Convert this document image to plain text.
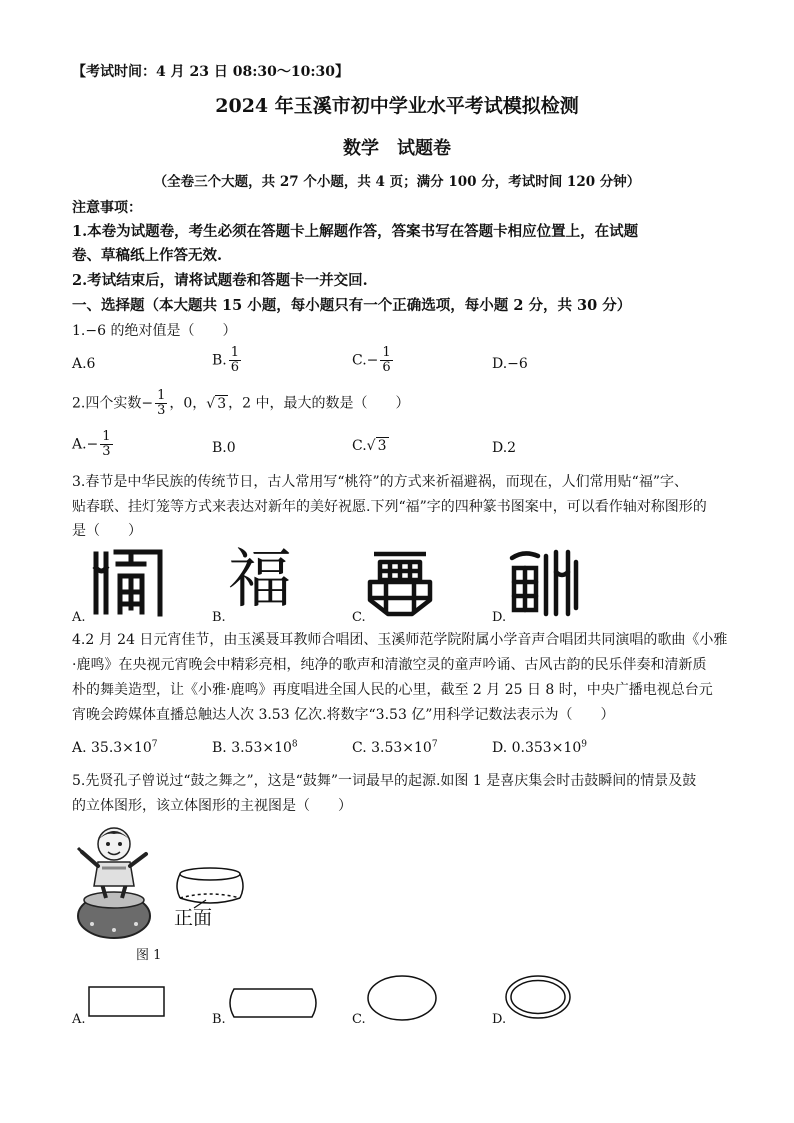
【考试时间：4 月 23 日 08:30～10:30】
2024 年玉溪市初中学业水平考试模拟检测
数学　试题卷
（全卷三个大题，共 27 个小题，共 4 页；满分 100 分，考试时间 120 分钟）
注意事项：
1.本卷为试题卷，考生必须在答题卡上解题作答，答案书写在答题卡相应位置上，在试题
卷、草稿纸上作答无效.
2.考试结束后，请将试题卷和答题卡一并交回.
一、选择题（本大题共 15 小题，每小题只有一个正确选项，每小题 2 分，共 30 分）
1.−6 的绝对值是（　　）
A.6	B. $\frac{1}{6}$	$C.- \frac{1}{6}$	D.−6
2.四个实数− $\frac{1}{3}$ ，0，√ 3 ，2 中，最大的数是（　　）
$A.- \frac{1}{3}$	B.0	C.√ 3	D.2
3.春节是中华民族的传统节日，古人常用写“桃符”的方式来祈福避祸，而现在，人们常用贴“福”字、
贴春联、挂灯笼等方式来表达对新年的美好祝愿.下列“福”字的四种篆书图案中，可以看作轴对称图形的
是（　　）
福
A.	B.	C.	D.
4.2 月 24 日元宵佳节，由玉溪聂耳教师合唱团、玉溪师范学院附属小学音声合唱团共同演唱的歌曲《小雅
·鹿鸣》在央视元宵晚会中精彩亮相，纯净的歌声和清澈空灵的童声吟诵、古风古韵的民乐伴奏和清新质
朴的舞美造型，让《小雅·鹿鸣》再度唱进全国人民的心里，截至 2 月 25 日 8 时，中央广播电视总台元
宵晚会跨媒体直播总触达人次 3.53 亿次.将数字“3.53 亿”用科学记数法表示为（　　）
A. $35.3\times 10^7$	B. $3.53\times 10^8$	C. $3.53\times 10^7$	D. $0.353\times 10^9$
5.先贤孔子曾说过“鼓之舞之”，这是“鼓舞”一词最早的起源.如图 1 是喜庆集会时击鼓瞬间的情景及鼓
的立体图形，该立体图形的主视图是（　　）
正面
图 1
A.	B.	C.	D.
